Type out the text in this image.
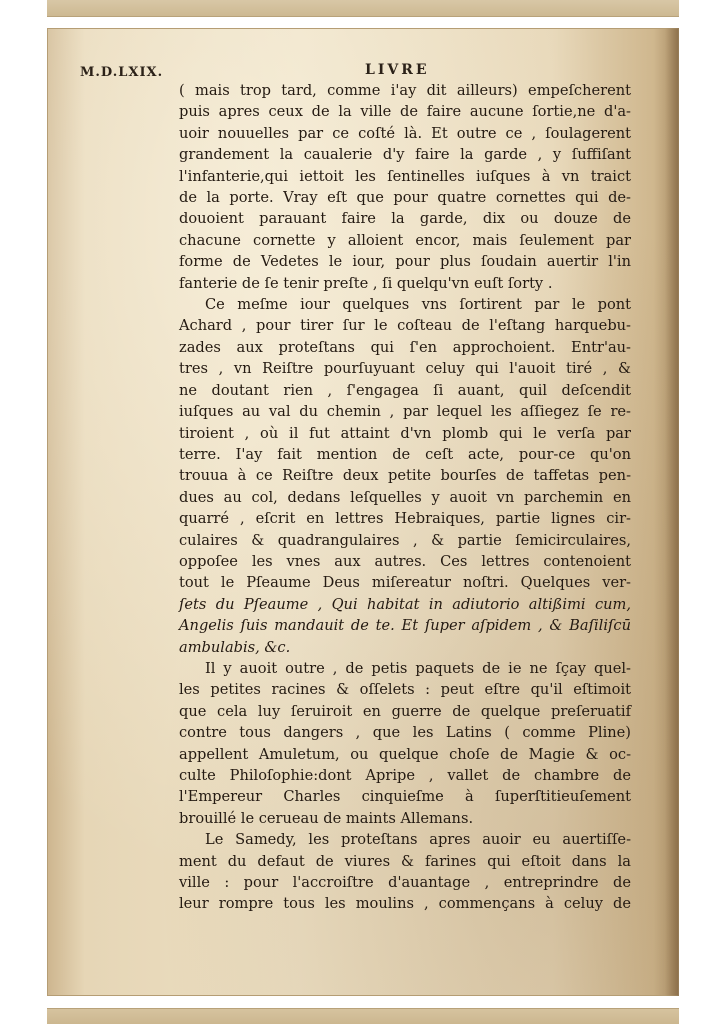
M.D.LXIX.	LIVRE
( mais trop tard, comme i'ay dit ailleurs) empeſcherent
puis apres ceux de la ville de faire aucune ſortie,ne d'a-
uoir nouuelles par ce coſté là. Et outre ce , ſoulagerent
grandement la caualerie d'y faire la garde , y ſuffiſant
l'infanterie,qui iettoit les ſentinelles iuſques à vn traict
de la porte. Vray eſt que pour quatre cornettes qui de-
douoient parauant faire la garde, dix ou douze de
chacune cornette y alloient encor, mais ſeulement par
forme de Vedetes le iour, pour plus ſoudain auertir l'in
fanterie de ſe tenir preſte , ſi quelqu'vn euſt ſorty .
Ce meſme iour quelques vns ſortirent par le pont
Achard , pour tirer ſur le coſteau de l'eſtang harquebu-
zades aux proteſtans qui ſ'en approchoient. Entr'au-
tres , vn Reiſtre pourſuyuant celuy qui l'auoit tiré , &
ne doutant rien , ſ'engagea ſi auant, quil deſcendit
iuſques au val du chemin , par lequel les aſſiegez ſe re-
tiroient , où il fut attaint d'vn plomb qui le verſa par
terre. I'ay fait mention de ceſt acte, pour-ce qu'on
trouua à ce Reiſtre deux petite bourſes de taffetas pen-
dues au col, dedans leſquelles y auoit vn parchemin en
quarré , eſcrit en lettres Hebraiques, partie lignes cir-
culaires & quadrangulaires , & partie ſemicirculaires,
oppoſee les vnes aux autres. Ces lettres contenoient
tout le Pſeaume Deus miſereatur noſtri. Quelques ver-
ſets du Pſeaume , Qui habitat in adiutorio altißimi cum,
Angelis ſuis mandauit de te. Et ſuper aſpidem , & Baſiliſcū
ambulabis, &c.
Il y auoit outre , de petis paquets de ie ne ſçay quel-
les petites racines & oſſelets : peut eſtre qu'il eſtimoit
que cela luy ſeruiroit en guerre de quelque preſeruatif
contre tous dangers , que les Latins ( comme Pline)
appellent Amuletum, ou quelque choſe de Magie & oc-
culte Philoſophie:dont Apripe , vallet de chambre de
l'Empereur Charles cinquieſme à ſuperſtitieuſement
brouillé le cerueau de maints Allemans.
Le Samedy, les proteſtans apres auoir eu auertiſſe-
ment du defaut de viures & farines qui eſtoit dans la
ville : pour l'accroiſtre d'auantage , entreprindre de
leur rompre tous les moulins , commençans à celuy de
